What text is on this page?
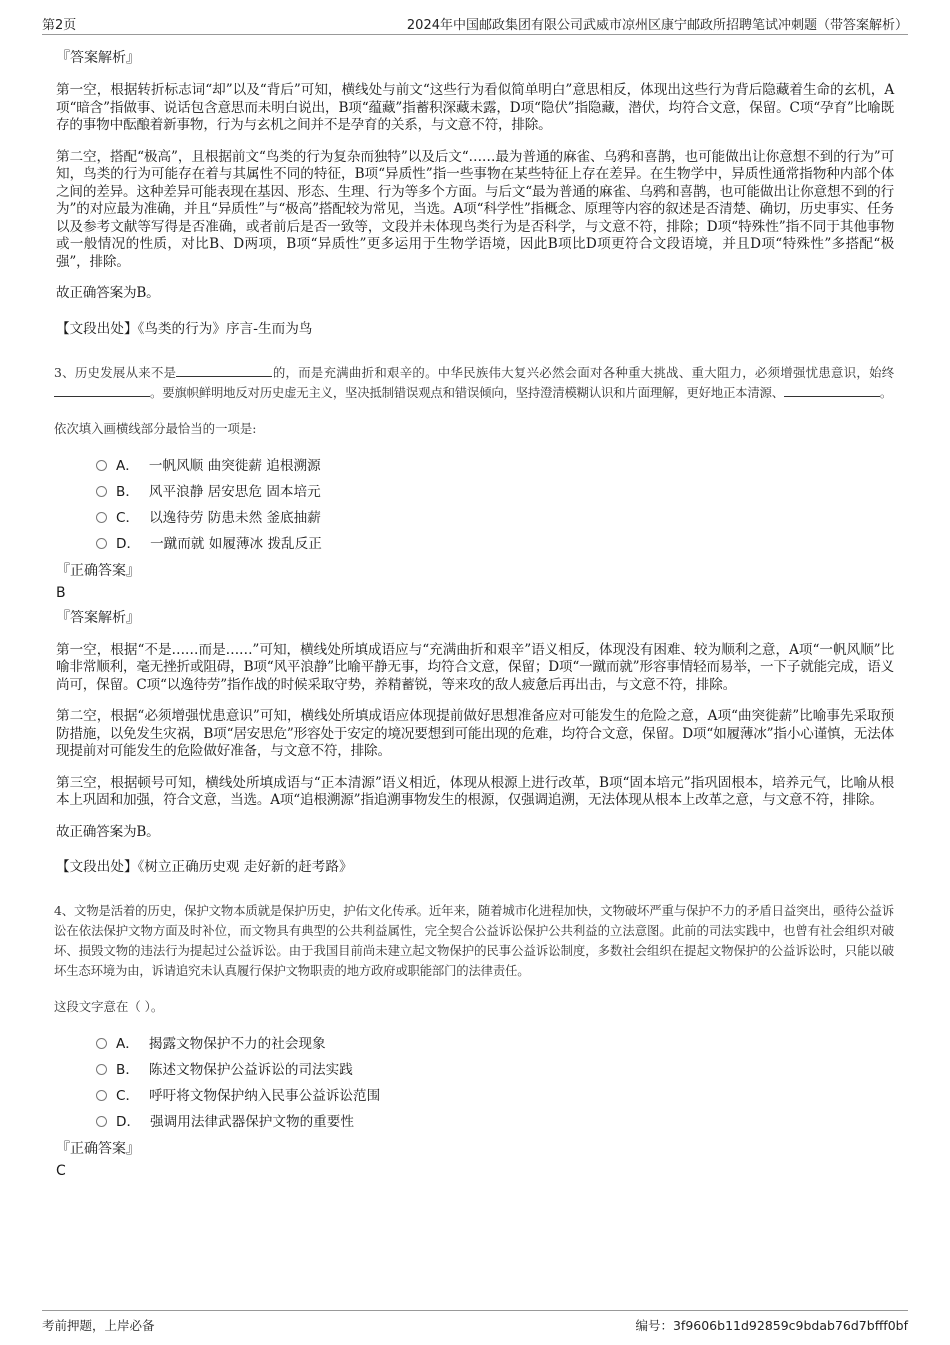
第2页	2024年中国邮政集团有限公司武威市凉州区康宁邮政所招聘笔试冲刺题（带答案解析）
『答案解析』

第一空，根据转折标志词“却”以及“背后”可知，横线处与前文“这些行为看似简单明白”意思相反，体现出这些行为背后隐藏着生命的玄机，A项“暗含”指做事、说话包含意思而未明白说出，B项“蕴藏”指蓄积深藏未露，D项“隐伏”指隐藏，潜伏，均符合文意，保留。C项“孕育”比喻既存的事物中酝酿着新事物，行为与玄机之间并不是孕育的关系，与文意不符，排除。

第二空，搭配“极高”，且根据前文“鸟类的行为复杂而独特”以及后文“……最为普通的麻雀、乌鸦和喜鹊，也可能做出让你意想不到的行为”可知，鸟类的行为可能存在着与其属性不同的特征，B项“异质性”指一些事物在某些特征上存在差异。在生物学中，异质性通常指物种内部个体之间的差异。这种差异可能表现在基因、形态、生理、行为等多个方面。与后文“最为普通的麻雀、乌鸦和喜鹊，也可能做出让你意想不到的行为”的对应最为准确，并且“异质性”与“极高”搭配较为常见，当选。A项“科学性”指概念、原理等内容的叙述是否清楚、确切，历史事实、任务以及参考文献等写得是否准确，或者前后是否一致等，文段并未体现鸟类行为是否科学，与文意不符，排除；D项“特殊性”指不同于其他事物或一般情况的性质，对比B、D两项，B项“异质性”更多运用于生物学语境，因此B项比D项更符合文段语境，并且D项“特殊性”多搭配“极强”，排除。

故正确答案为B。

【文段出处】《鸟类的行为》序言-生而为鸟
3、历史发展从来不是	的，而是充满曲折和艰辛的。中华民族伟大复兴必然会面对各种重大挑战、重大阻力，必须增强忧患意识，始终。要旗帜鲜明地反对历史虚无主义，坚决抵制错误观点和错误倾向，坚持澄清模糊认识和片面理解，更好地正本清源、	。
依次填入画横线部分最恰当的一项是:
A． 一帆风顺 曲突徙薪 追根溯源
B． 风平浪静 居安思危 固本培元
C． 以逸待劳 防患未然 釜底抽薪
D． 一蹴而就 如履薄冰 拨乱反正
『正确答案』
B
『答案解析』

第一空，根据“不是……而是……”可知，横线处所填成语应与“充满曲折和艰辛”语义相反，体现没有困难、较为顺利之意，A项“一帆风顺”比喻非常顺利，毫无挫折或阻碍，B项“风平浪静”比喻平静无事，均符合文意，保留；D项“一蹴而就”形容事情轻而易举，一下子就能完成，语义尚可，保留。C项“以逸待劳”指作战的时候采取守势，养精蓄锐，等来攻的敌人疲惫后再出击，与文意不符，排除。

第二空，根据“必须增强忧患意识”可知，横线处所填成语应体现提前做好思想准备应对可能发生的危险之意，A项“曲突徙薪”比喻事先采取预防措施，以免发生灾祸，B项“居安思危”形容处于安定的境况要想到可能出现的危难，均符合文意，保留。D项“如履薄冰”指小心谨慎，无法体现提前对可能发生的危险做好准备，与文意不符，排除。

第三空，根据顿号可知，横线处所填成语与“正本清源”语义相近，体现从根源上进行改革，B项“固本培元”指巩固根本，培养元气，比喻从根本上巩固和加强，符合文意，当选。A项“追根溯源”指追溯事物发生的根源，仅强调追溯，无法体现从根本上改革之意，与文意不符，排除。

故正确答案为B。

【文段出处】《树立正确历史观 走好新的赶考路》
4、文物是活着的历史，保护文物本质就是保护历史，护佑文化传承。近年来，随着城市化进程加快，文物破坏严重与保护不力的矛盾日益突出，亟待公益诉讼在依法保护文物方面及时补位，而文物具有典型的公共利益属性，完全契合公益诉讼保护公共利益的立法意图。此前的司法实践中，也曾有社会组织对破坏、损毁文物的违法行为提起过公益诉讼。由于我国目前尚未建立起文物保护的民事公益诉讼制度，多数社会组织在提起文物保护的公益诉讼时，只能以破坏生态环境为由，诉请追究未认真履行保护文物职责的地方政府或职能部门的法律责任。
这段文字意在（ ）。
A． 揭露文物保护不力的社会现象
B． 陈述文物保护公益诉讼的司法实践
C． 呼吁将文物保护纳入民事公益诉讼范围
D． 强调用法律武器保护文物的重要性
『正确答案』
C
考前押题，上岸必备	编号：3f9606b11d92859c9bdab76d7bfff0bf
